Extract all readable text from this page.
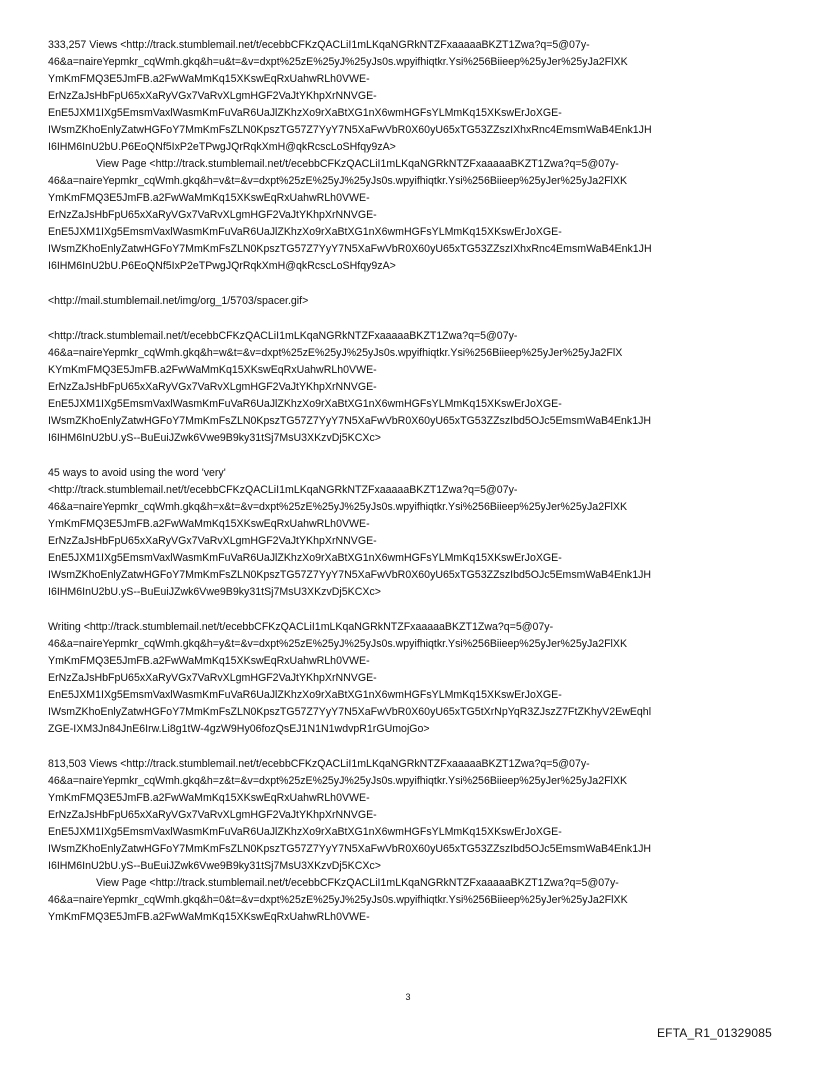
333,257 Views <http://track.stumblemail.net/t/ecebbCFKzQACLiI1mLKqaNGRkNTZFxaaaaaBKZT1Zwa?q=5@07y-
46&a=naireYepmkr_cqWmh.gkq&h=u&t=&v=dxpt%25zE%25yJ%25yJs0s.wpyifhiqtkr.Ysi%256Biieep%25yJer%25yJa2FlXK
YmKmFMQ3E5JmFB.a2FwWaMmKq15XKswEqRxUahwRLh0VWE-
ErNzZaJsHbFpU65xXaRyVGx7VaRvXLgmHGF2VaJtYKhpXrNNVGE-
EnE5JXM1IXg5EmsmVaxlWasmKmFuVaR6UaJlZKhzXo9rXaBtXG1nX6wmHGFsYLMmKq15XKswErJoXGE-
IWsmZKhoEnlyZatwHGFoY7MmKmFsZLN0KpszTG57Z7YyY7N5XaFwVbR0X60yU65xTG53ZZszIXhxRnc4EmsmWaB4Enk1JH
I6IHM6InU2bU.P6EoQNf5IxP2eTPwgJQrRqkXmH@qkRcscLoSHfqy9zA>
View Page <http://track.stumblemail.net/t/ecebbCFKzQACLiI1mLKqaNGRkNTZFxaaaaaBKZT1Zwa?q=5@07y-
46&a=naireYepmkr_cqWmh.gkq&h=v&t=&v=dxpt%25zE%25yJ%25yJs0s.wpyifhiqtkr.Ysi%256Biieep%25yJer%25yJa2FlXK
YmKmFMQ3E5JmFB.a2FwWaMmKq15XKswEqRxUahwRLh0VWE-
ErNzZaJsHbFpU65xXaRyVGx7VaRvXLgmHGF2VaJtYKhpXrNNVGE-
EnE5JXM1IXg5EmsmVaxlWasmKmFuVaR6UaJlZKhzXo9rXaBtXG1nX6wmHGFsYLMmKq15XKswErJoXGE-
IWsmZKhoEnlyZatwHGFoY7MmKmFsZLN0KpszTG57Z7YyY7N5XaFwVbR0X60yU65xTG53ZZszIXhxRnc4EmsmWaB4Enk1JH
I6IHM6InU2bU.P6EoQNf5IxP2eTPwgJQrRqkXmH@qkRcscLoSHfqy9zA>
<http://mail.stumblemail.net/img/org_1/5703/spacer.gif>
<http://track.stumblemail.net/t/ecebbCFKzQACLiI1mLKqaNGRkNTZFxaaaaaBKZT1Zwa?q=5@07y-
46&a=naireYepmkr_cqWmh.gkq&h=w&t=&v=dxpt%25zE%25yJ%25yJs0s.wpyifhiqtkr.Ysi%256Biieep%25yJer%25yJa2FlX
KYmKmFMQ3E5JmFB.a2FwWaMmKq15XKswEqRxUahwRLh0VWE-
ErNzZaJsHbFpU65xXaRyVGx7VaRvXLgmHGF2VaJtYKhpXrNNVGE-
EnE5JXM1IXg5EmsmVaxlWasmKmFuVaR6UaJlZKhzXo9rXaBtXG1nX6wmHGFsYLMmKq15XKswErJoXGE-
IWsmZKhoEnlyZatwHGFoY7MmKmFsZLN0KpszTG57Z7YyY7N5XaFwVbR0X60yU65xTG53ZZszIbd5OJc5EmsmWaB4Enk1JH
I6IHM6InU2bU.yS--BuEuiJZwk6Vwe9B9ky31tSj7MsU3XKzvDj5KCXc>
45 ways to avoid using the word 'very'
<http://track.stumblemail.net/t/ecebbCFKzQACLiI1mLKqaNGRkNTZFxaaaaaBKZT1Zwa?q=5@07y-
46&a=naireYepmkr_cqWmh.gkq&h=x&t=&v=dxpt%25zE%25yJ%25yJs0s.wpyifhiqtkr.Ysi%256Biieep%25yJer%25yJa2FlXK
YmKmFMQ3E5JmFB.a2FwWaMmKq15XKswEqRxUahwRLh0VWE-
ErNzZaJsHbFpU65xXaRyVGx7VaRvXLgmHGF2VaJtYKhpXrNNVGE-
EnE5JXM1IXg5EmsmVaxlWasmKmFuVaR6UaJlZKhzXo9rXaBtXG1nX6wmHGFsYLMmKq15XKswErJoXGE-
IWsmZKhoEnlyZatwHGFoY7MmKmFsZLN0KpszTG57Z7YyY7N5XaFwVbR0X60yU65xTG53ZZszIbd5OJc5EmsmWaB4Enk1JH
I6IHM6InU2bU.yS--BuEuiJZwk6Vwe9B9ky31tSj7MsU3XKzvDj5KCXc>
Writing <http://track.stumblemail.net/t/ecebbCFKzQACLiI1mLKqaNGRkNTZFxaaaaaBKZT1Zwa?q=5@07y-
46&a=naireYepmkr_cqWmh.gkq&h=y&t=&v=dxpt%25zE%25yJ%25yJs0s.wpyifhiqtkr.Ysi%256Biieep%25yJer%25yJa2FlXK
YmKmFMQ3E5JmFB.a2FwWaMmKq15XKswEqRxUahwRLh0VWE-
ErNzZaJsHbFpU65xXaRyVGx7VaRvXLgmHGF2VaJtYKhpXrNNVGE-
EnE5JXM1IXg5EmsmVaxlWasmKmFuVaR6UaJlZKhzXo9rXaBtXG1nX6wmHGFsYLMmKq15XKswErJoXGE-
IWsmZKhoEnlyZatwHGFoY7MmKmFsZLN0KpszTG57Z7YyY7N5XaFwVbR0X60yU65xTG5tXrNpYqR3ZJszZ7FtZKhyV2EwEqhl
ZGE-IXM3Jn84JnE6Irw.Li8g1tW-4gzW9Hy06fozQsEJ1N1N1wdvpR1rGUmojGo>
813,503 Views <http://track.stumblemail.net/t/ecebbCFKzQACLiI1mLKqaNGRkNTZFxaaaaaBKZT1Zwa?q=5@07y-
46&a=naireYepmkr_cqWmh.gkq&h=z&t=&v=dxpt%25zE%25yJ%25yJs0s.wpyifhiqtkr.Ysi%256Biieep%25yJer%25yJa2FlXK
YmKmFMQ3E5JmFB.a2FwWaMmKq15XKswEqRxUahwRLh0VWE-
ErNzZaJsHbFpU65xXaRyVGx7VaRvXLgmHGF2VaJtYKhpXrNNVGE-
EnE5JXM1IXg5EmsmVaxlWasmKmFuVaR6UaJlZKhzXo9rXaBtXG1nX6wmHGFsYLMmKq15XKswErJoXGE-
IWsmZKhoEnlyZatwHGFoY7MmKmFsZLN0KpszTG57Z7YyY7N5XaFwVbR0X60yU65xTG53ZZszIbd5OJc5EmsmWaB4Enk1JH
I6IHM6InU2bU.yS--BuEuiJZwk6Vwe9B9ky31tSj7MsU3XKzvDj5KCXc>
View Page <http://track.stumblemail.net/t/ecebbCFKzQACLiI1mLKqaNGRkNTZFxaaaaaBKZT1Zwa?q=5@07y-
46&a=naireYepmkr_cqWmh.gkq&h=0&t=&v=dxpt%25zE%25yJ%25yJs0s.wpyifhiqtkr.Ysi%256Biieep%25yJer%25yJa2FlXK
YmKmFMQ3E5JmFB.a2FwWaMmKq15XKswEqRxUahwRLh0VWE-
3
EFTA_R1_01329085
